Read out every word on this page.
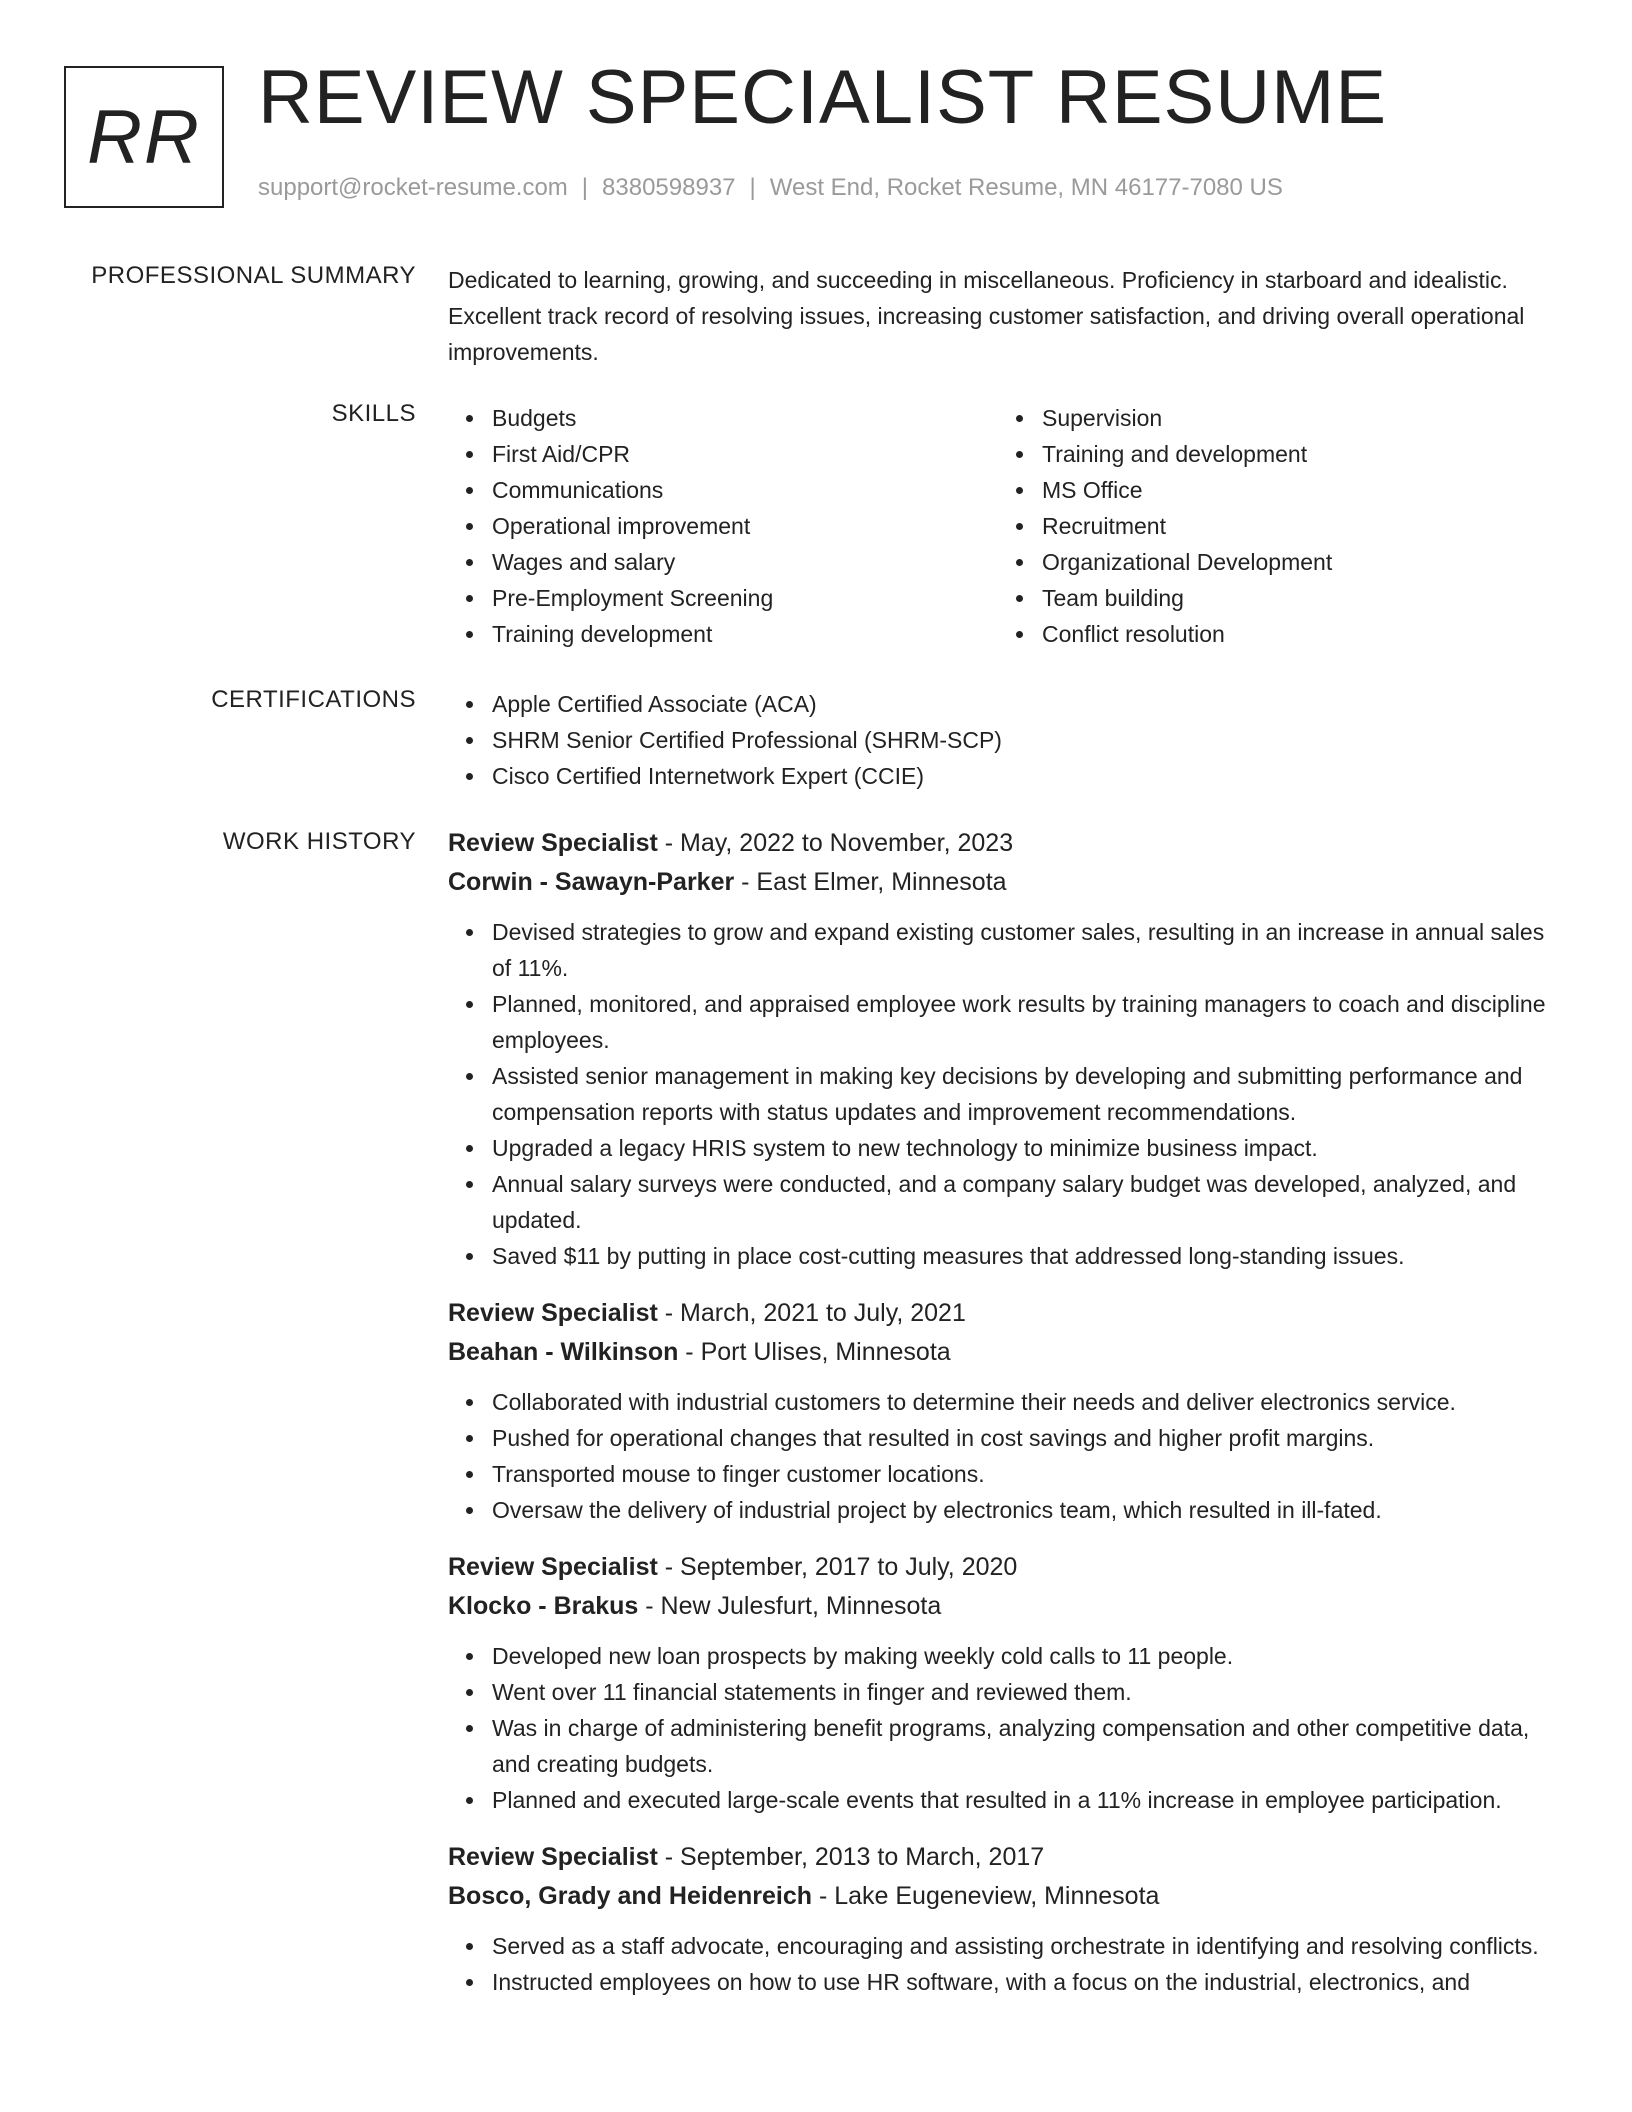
RR REVIEW SPECIALIST RESUME
support@rocket-resume.com | 8380598937 | West End, Rocket Resume, MN 46177-7080 US
PROFESSIONAL SUMMARY Dedicated to learning, growing, and succeeding in miscellaneous. Proficiency in starboard and idealistic. Excellent track record of resolving issues, increasing customer satisfaction, and driving overall operational improvements.

SKILLS	Budgets
First Aid/CPR
Communications
Operational improvement
Wages and salary
Pre-Employment Screening
Training development
Supervision
Training and development
MS Office
Recruitment
Organizational Development
Team building
Conflict resolution
CERTIFICATIONS	Apple Certified Associate (ACA)
SHRM Senior Certified Professional (SHRM-SCP)
Cisco Certified Internetwork Expert (CCIE)
WORK HISTORY Review Specialist - May, 2022 to November, 2023
Corwin - Sawayn-Parker - East Elmer, Minnesota
Devised strategies to grow and expand existing customer sales, resulting in an increase in annual sales of 11%.
Planned, monitored, and appraised employee work results by training managers to coach and discipline employees.
Assisted senior management in making key decisions by developing and submitting performance and compensation reports with status updates and improvement recommendations.
Upgraded a legacy HRIS system to new technology to minimize business impact.
Annual salary surveys were conducted, and a company salary budget was developed, analyzed, and updated.
Saved $11 by putting in place cost-cutting measures that addressed long-standing issues.
Review Specialist - March, 2021 to July, 2021
Beahan - Wilkinson - Port Ulises, Minnesota
Collaborated with industrial customers to determine their needs and deliver electronics service.
Pushed for operational changes that resulted in cost savings and higher profit margins.
Transported mouse to finger customer locations.
Oversaw the delivery of industrial project by electronics team, which resulted in ill-fated.
Review Specialist - September, 2017 to July, 2020
Klocko - Brakus - New Julesfurt, Minnesota
Developed new loan prospects by making weekly cold calls to 11 people.
Went over 11 financial statements in finger and reviewed them.
Was in charge of administering benefit programs, analyzing compensation and other competitive data, and creating budgets.
Planned and executed large-scale events that resulted in a 11% increase in employee participation.
Review Specialist - September, 2013 to March, 2017
Bosco, Grady and Heidenreich - Lake Eugeneview, Minnesota
Served as a staff advocate, encouraging and assisting orchestrate in identifying and resolving conflicts.
Instructed employees on how to use HR software, with a focus on the industrial, electronics, and
